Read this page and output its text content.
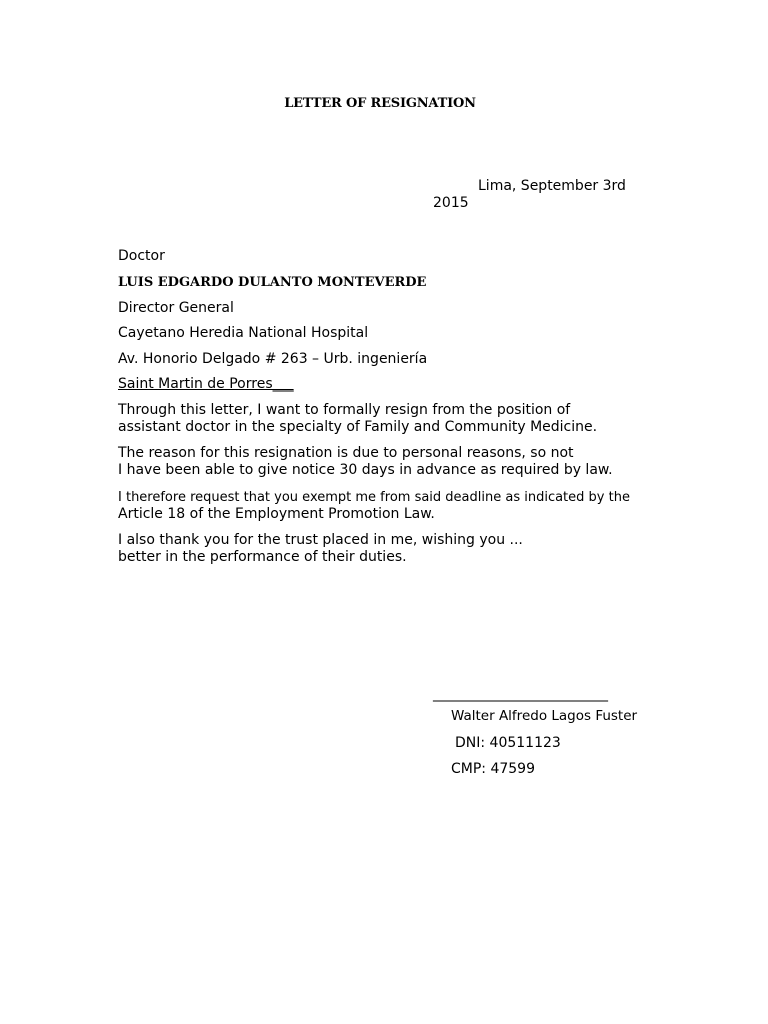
LETTER OF RESIGNATION
Lima, September 3rd
2015
Doctor
LUIS EDGARDO DULANTO MONTEVERDE
Director General
Cayetano Heredia National Hospital
Av. Honorio Delgado # 263 – Urb. ingeniería
Saint Martin de Porres___
Through this letter, I want to formally resign from the position of
assistant doctor in the specialty of Family and Community Medicine.
The reason for this resignation is due to personal reasons, so not
I have been able to give notice 30 days in advance as required by law.
I therefore request that you exempt me from said deadline as indicated by the
Article 18 of the Employment Promotion Law.
I also thank you for the trust placed in me, wishing you ...
better in the performance of their duties.
_________________________
Walter Alfredo Lagos Fuster
DNI: 40511123
CMP: 47599
